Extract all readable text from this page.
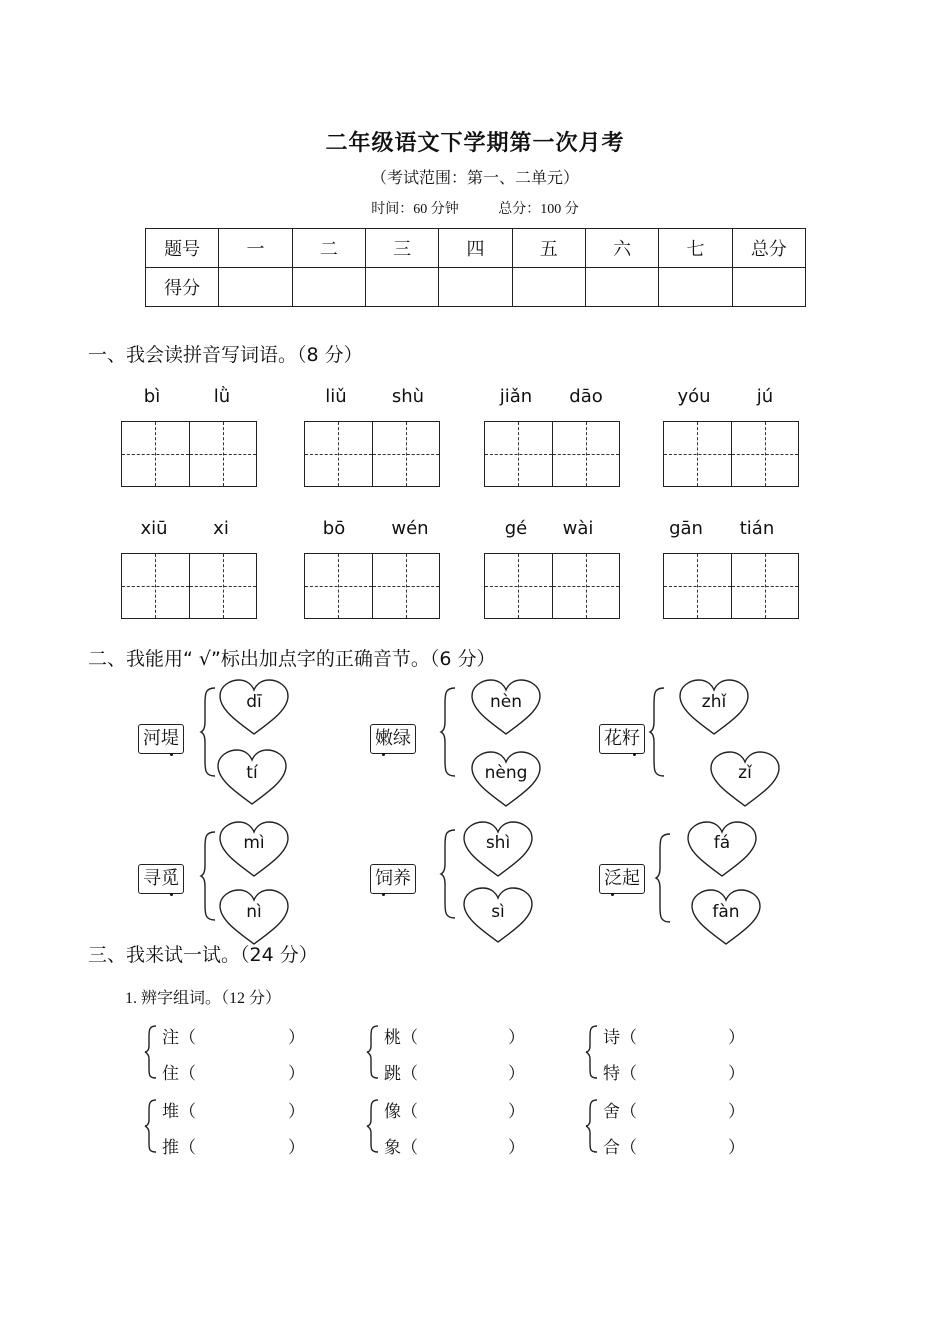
二年级语文下学期第一次月考
（考试范围：第一、二单元）
时间：60 分钟	总分：100 分
题号	一	二	三	四	五	六	七	总分
得分								
一、我会读拼音写词语。（8 分）
bì	lǜ	liǔ	shù	jiǎn	dāo	yóu	jú
xiū	xi	bō	wén	gé	wài	gān	tián
二、我能用“ √”标出加点字的正确音节。（6 分）
河堤	嫩绿	花籽
寻觅	饲养	泛起
dī
tí
nèn
nèng
zhǐ
zǐ
mì
nì
shì
sì
fá
fàn
三、我来试一试。（24 分）
1. 辨字组词。（12 分）
注（	）
住（	）
桃（	）
跳（	）
诗（	）
特（	）
堆（	）
推（	）
像（	）
象（	）
舍（	）
合（	）
